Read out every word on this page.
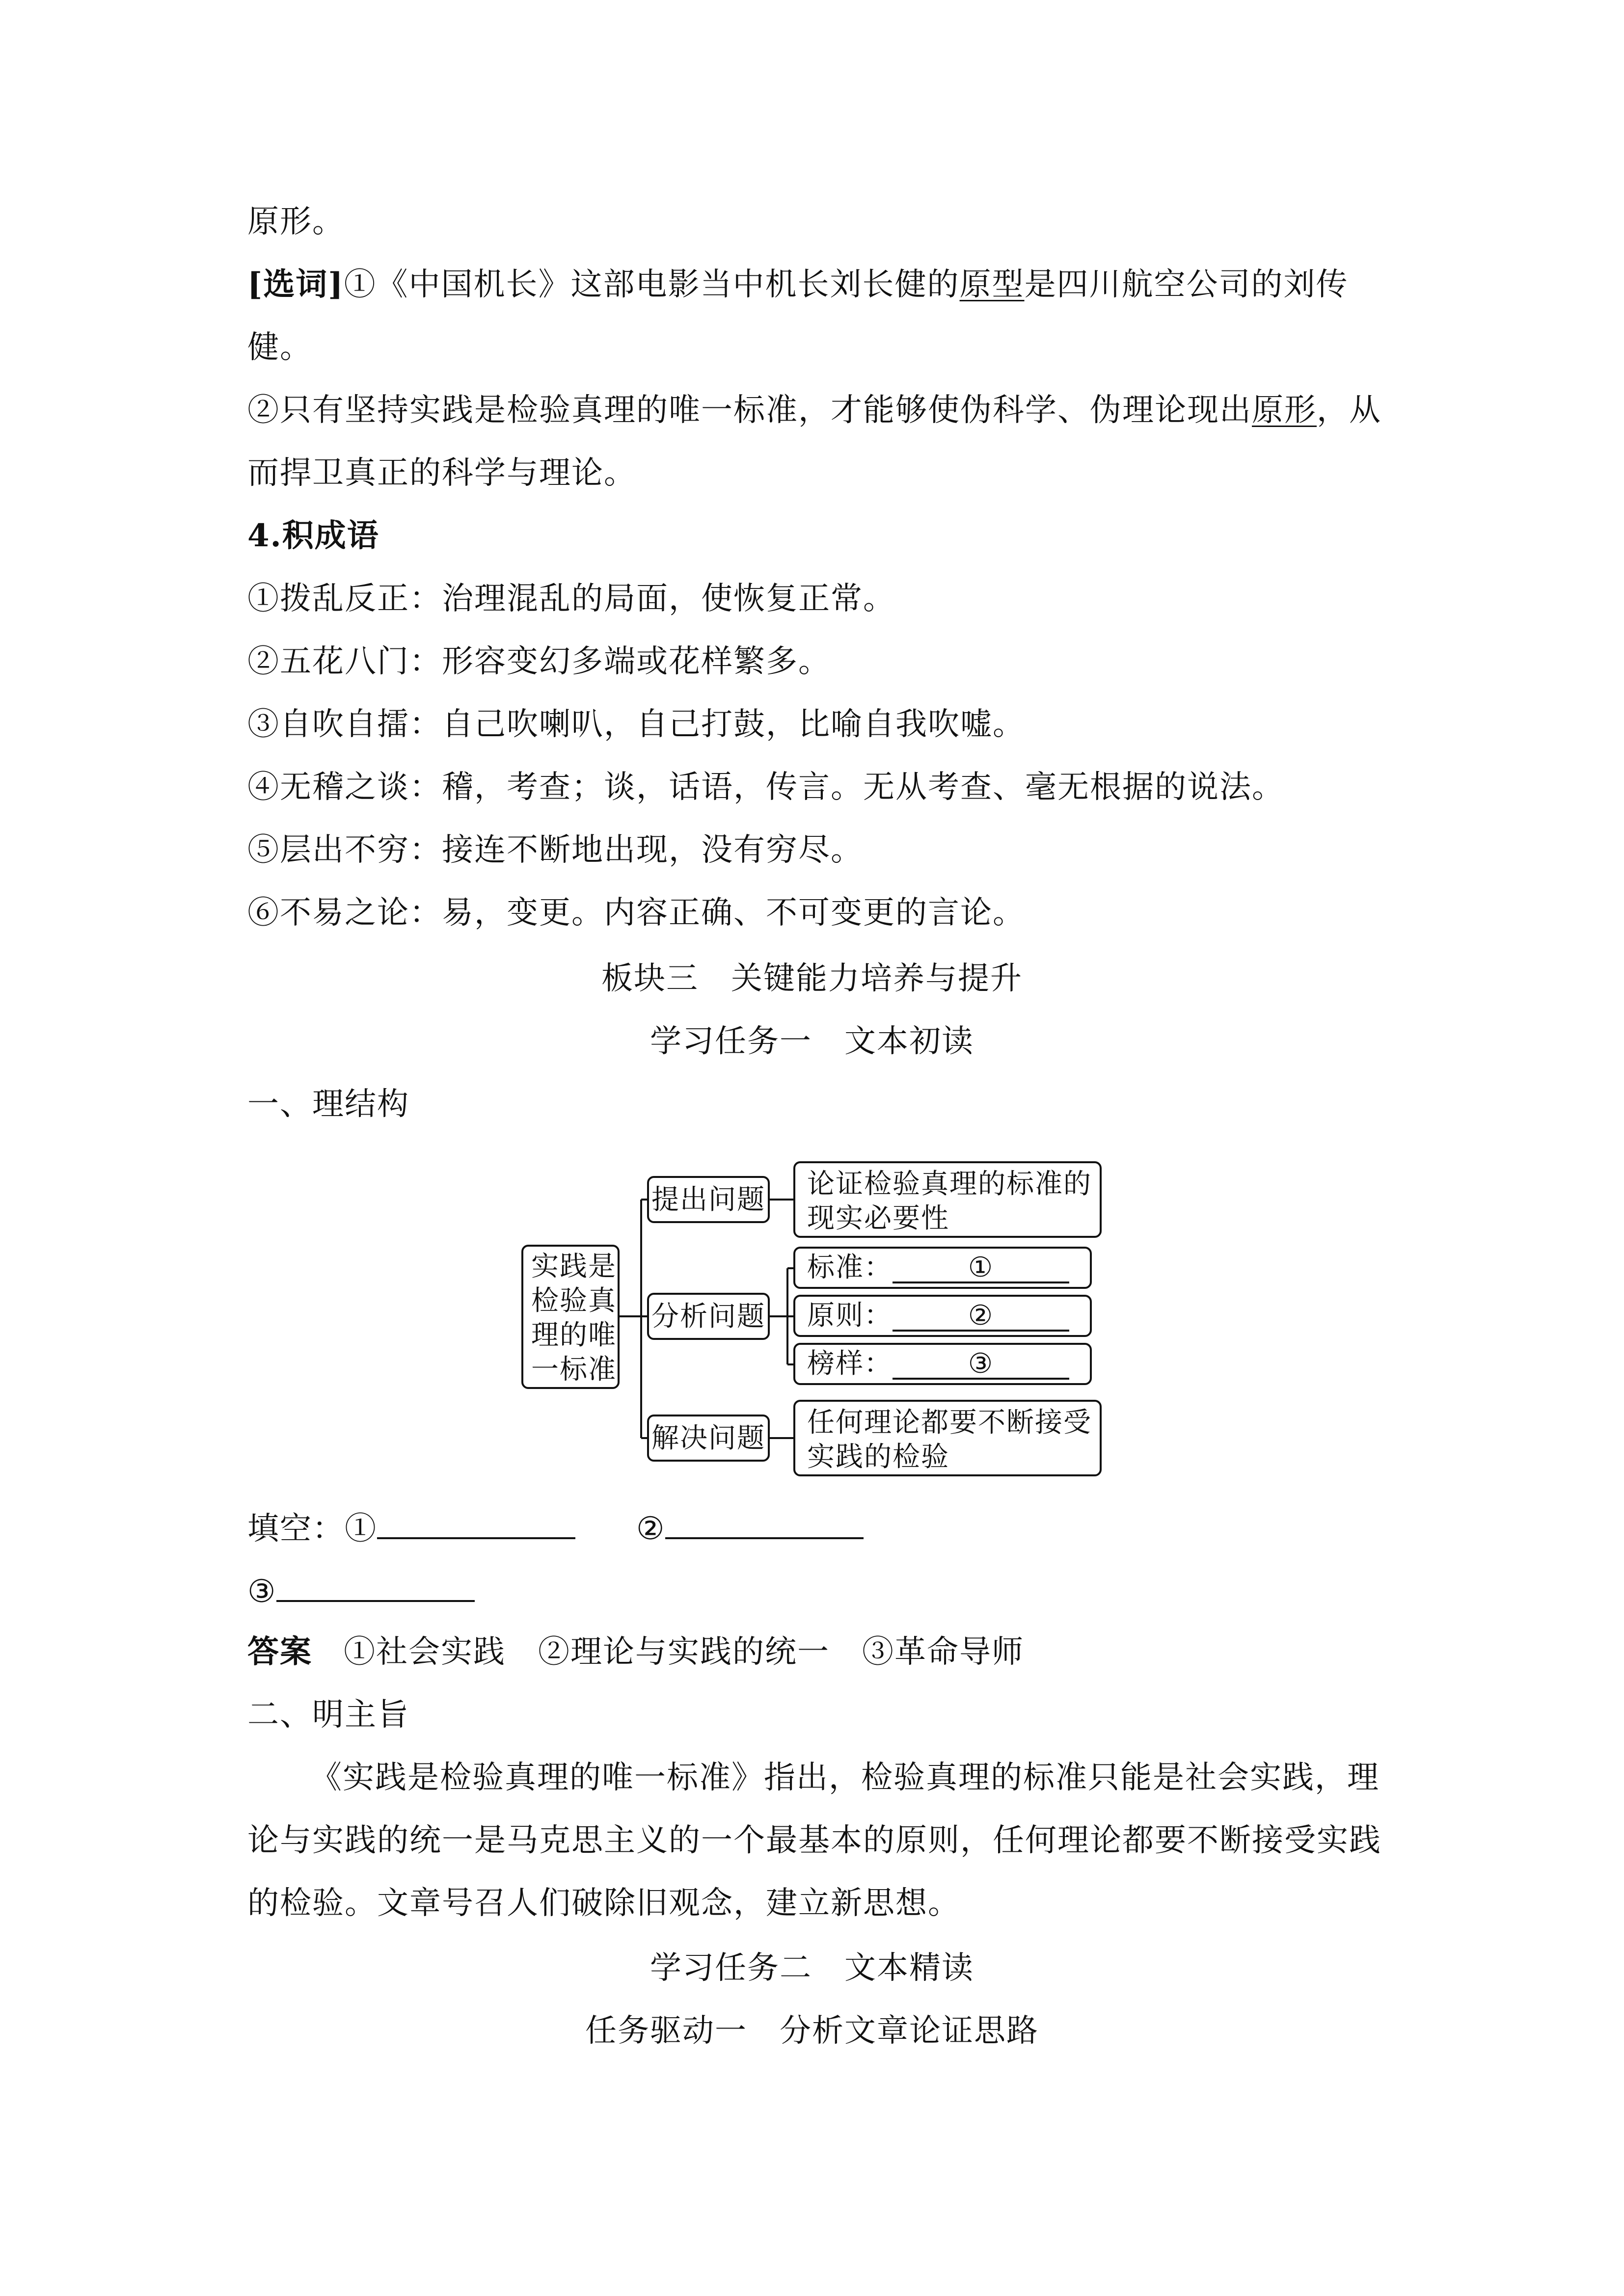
原形。
[选词]①《中国机长》这部电影当中机长刘长健的原型是四川航空公司的刘传
健。
②只有坚持实践是检验真理的唯一标准，才能够使伪科学、伪理论现出原形，从
而捍卫真正的科学与理论。
4.积成语
①拨乱反正：治理混乱的局面，使恢复正常。
②五花八门：形容变幻多端或花样繁多。
③自吹自擂：自己吹喇叭，自己打鼓，比喻自我吹嘘。
④无稽之谈：稽，考查；谈，话语，传言。无从考查、毫无根据的说法。
⑤层出不穷：接连不断地出现，没有穷尽。
⑥不易之论：易，变更。内容正确、不可变更的言论。
板块三　关键能力培养与提升
学习任务一　文本初读
一、理结构
实践是
检验真
理的唯
一标准
提出问题
分析问题
解决问题
论证检验真理的标准的
现实必要性
标准：	①
原则：	②
榜样：	③
任何理论都要不断接受
实践的检验
填空：①	②
③
答案 ①社会实践　②理论与实践的统一　③革命导师
二、明主旨
《实践是检验真理的唯一标准》指出，检验真理的标准只能是社会实践，理
论与实践的统一是马克思主义的一个最基本的原则，任何理论都要不断接受实践
的检验。文章号召人们破除旧观念，建立新思想。
学习任务二　文本精读
任务驱动一　分析文章论证思路
